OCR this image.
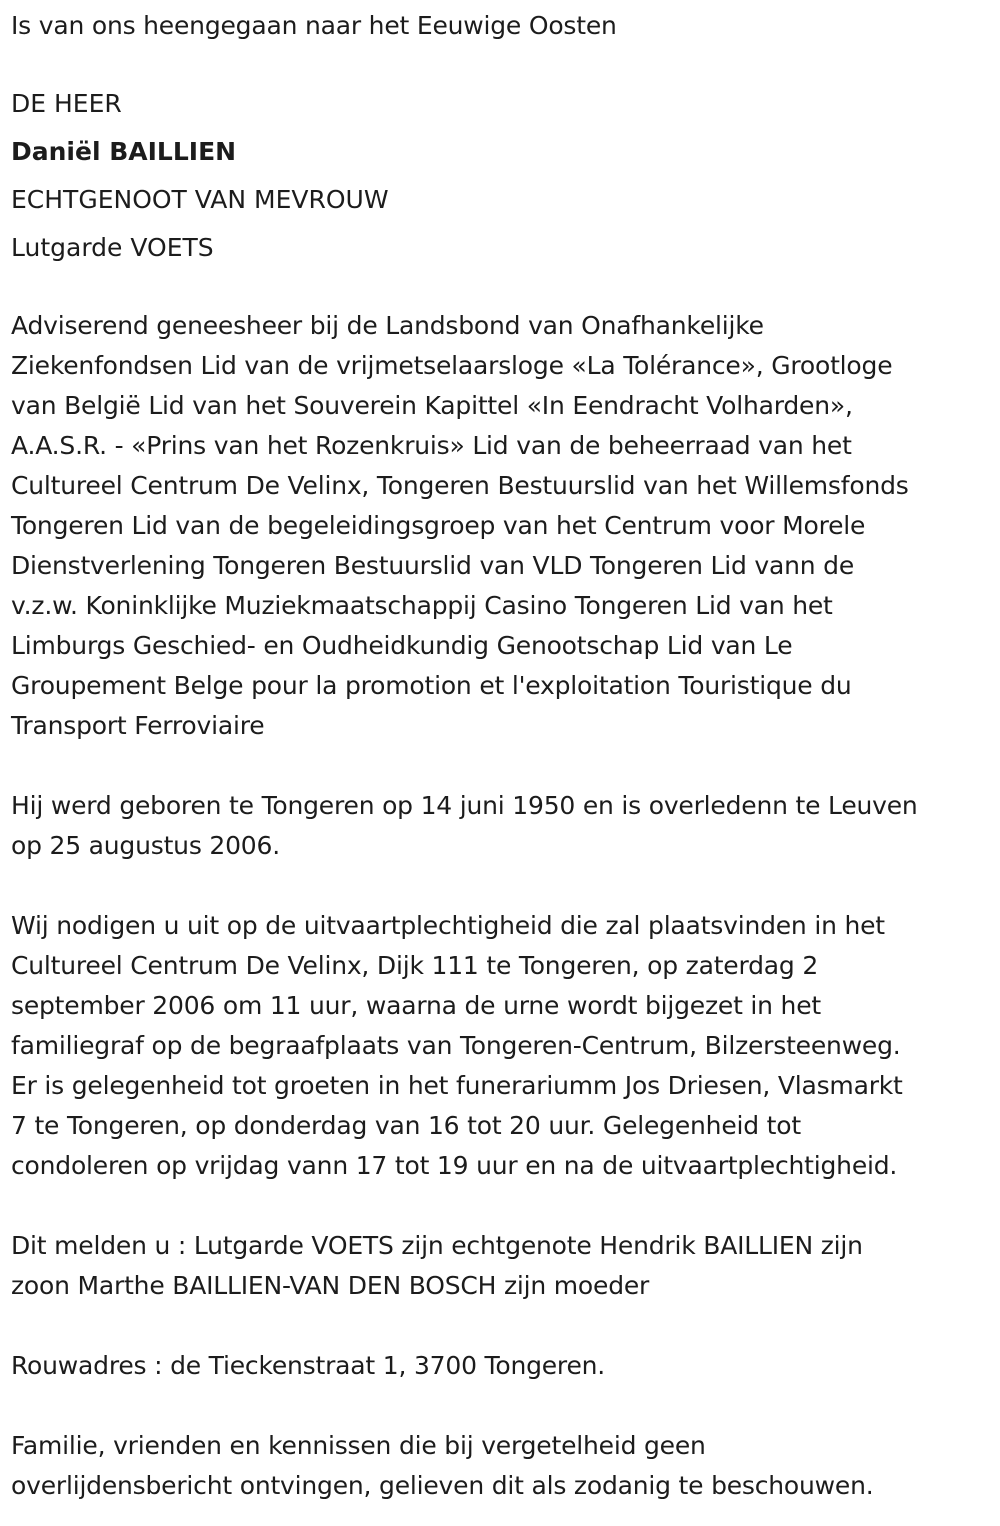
Is van ons heengegaan naar het Eeuwige Oosten

DE HEER

Daniël BAILLIEN

ECHTGENOOT VAN MEVROUW

Lutgarde VOETS

Adviserend geneesheer bij de Landsbond van Onafhankelijke
Ziekenfondsen Lid van de vrijmetselaarsloge «La Tolérance», Grootloge
van België Lid van het Souverein Kapittel «In Eendracht Volharden»,
A.A.S.R. - «Prins van het Rozenkruis» Lid van de beheerraad van het
Cultureel Centrum De Velinx, Tongeren Bestuurslid van het Willemsfonds
Tongeren Lid van de begeleidingsgroep van het Centrum voor Morele
Dienstverlening Tongeren Bestuurslid van VLD Tongeren Lid vann de
v.z.w. Koninklijke Muziekmaatschappij Casino Tongeren Lid van het
Limburgs Geschied- en Oudheidkundig Genootschap Lid van Le
Groupement Belge pour la promotion et l'exploitation Touristique du
Transport Ferroviaire
Hij werd geboren te Tongeren op 14 juni 1950 en is overledenn te Leuven
op 25 augustus 2006.
Wij nodigen u uit op de uitvaartplechtigheid die zal plaatsvinden in het
Cultureel Centrum De Velinx, Dijk 111 te Tongeren, op zaterdag 2
september 2006 om 11 uur, waarna de urne wordt bijgezet in het
familiegraf op de begraafplaats van Tongeren-Centrum, Bilzersteenweg.
Er is gelegenheid tot groeten in het funerariumm Jos Driesen, Vlasmarkt
7 te Tongeren, op donderdag van 16 tot 20 uur. Gelegenheid tot
condoleren op vrijdag vann 17 tot 19 uur en na de uitvaartplechtigheid.
Dit melden u : Lutgarde VOETS zijn echtgenote Hendrik BAILLIEN zijn
zoon Marthe BAILLIEN-VAN DEN BOSCH zijn moeder
Rouwadres : de Tieckenstraat 1, 3700 Tongeren.
Familie, vrienden en kennissen die bij vergetelheid geen
overlijdensbericht ontvingen, gelieven dit als zodanig te beschouwen.
